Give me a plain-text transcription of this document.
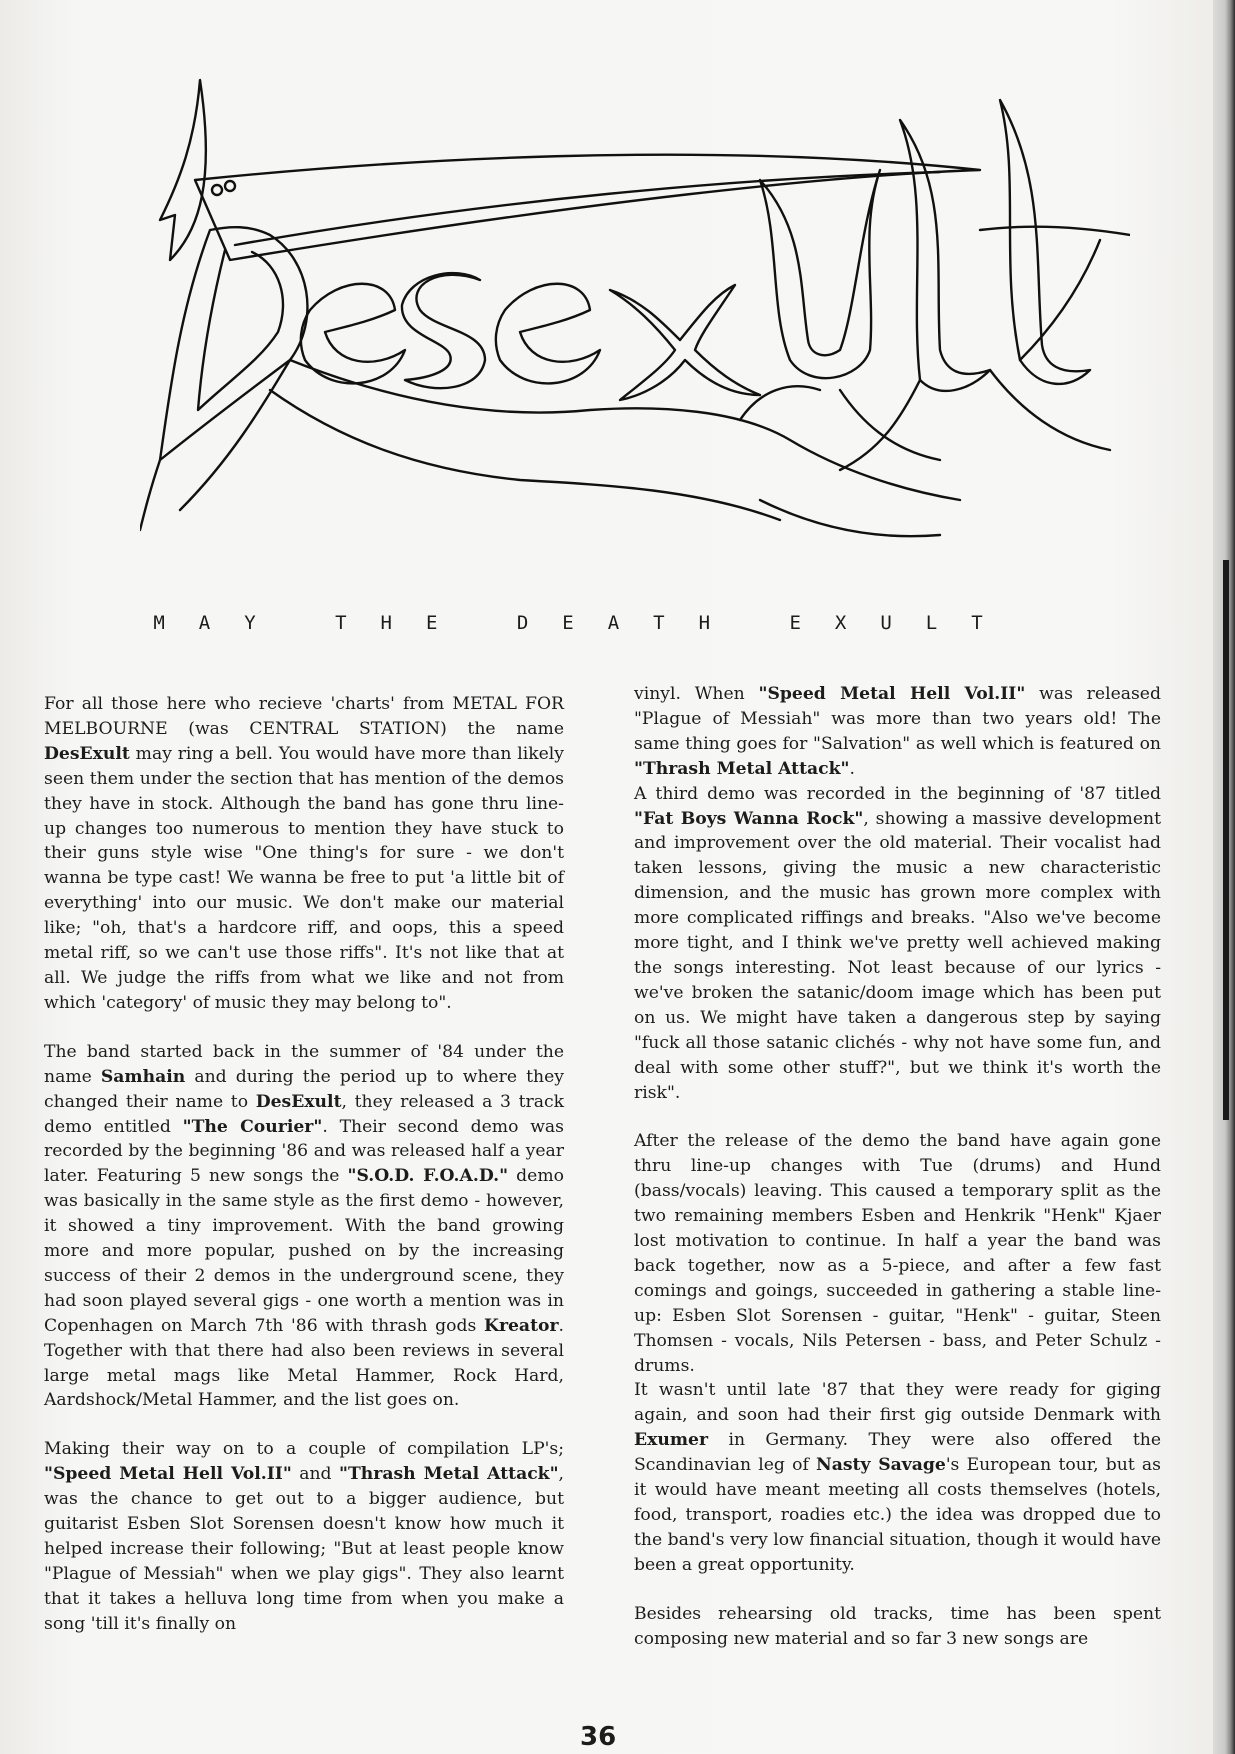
MAY THE DEATH EXULT

For all those here who recieve 'charts' from METAL FOR MELBOURNE (was CENTRAL STATION) the name DesExult may ring a bell. You would have more than likely seen them under the section that has mention of the demos they have in stock. Although the band has gone thru line-up changes too numerous to mention they have stuck to their guns style wise "One thing's for sure - we don't wanna be type cast! We wanna be free to put 'a little bit of everything' into our music. We don't make our material like; "oh, that's a hardcore riff, and oops, this a speed metal riff, so we can't use those riffs". It's not like that at all. We judge the riffs from what we like and not from which 'category' of music they may belong to".

The band started back in the summer of '84 under the name Samhain and during the period up to where they changed their name to DesExult, they released a 3 track demo entitled "The Courier". Their second demo was recorded by the beginning '86 and was released half a year later. Featuring 5 new songs the "S.O.D. F.O.A.D." demo was basically in the same style as the first demo - however, it showed a tiny improvement. With the band growing more and more popular, pushed on by the increasing success of their 2 demos in the underground scene, they had soon played several gigs - one worth a mention was in Copenhagen on March 7th '86 with thrash gods Kreator. Together with that there had also been reviews in several large metal mags like Metal Hammer, Rock Hard, Aardshock/Metal Hammer, and the list goes on.

Making their way on to a couple of compilation LP's; "Speed Metal Hell Vol.II" and "Thrash Metal Attack", was the chance to get out to a bigger audience, but guitarist Esben Slot Sorensen doesn't know how much it helped increase their following; "But at least people know "Plague of Messiah" when we play gigs". They also learnt that it takes a helluva long time from when you make a song 'till it's finally on

vinyl. When "Speed Metal Hell Vol.II" was released "Plague of Messiah" was more than two years old! The same thing goes for "Salvation" as well which is featured on "Thrash Metal Attack".

A third demo was recorded in the beginning of '87 titled "Fat Boys Wanna Rock", showing a massive development and improvement over the old material. Their vocalist had taken lessons, giving the music a new characteristic dimension, and the music has grown more complex with more complicated riffings and breaks. "Also we've become more tight, and I think we've pretty well achieved making the songs interesting. Not least because of our lyrics - we've broken the satanic/doom image which has been put on us. We might have taken a dangerous step by saying "fuck all those satanic clichés - why not have some fun, and deal with some other stuff?", but we think it's worth the risk".

After the release of the demo the band have again gone thru line-up changes with Tue (drums) and Hund (bass/vocals) leaving. This caused a temporary split as the two remaining members Esben and Henkrik "Henk" Kjaer lost motivation to continue. In half a year the band was back together, now as a 5-piece, and after a few fast comings and goings, succeeded in gathering a stable line-up: Esben Slot Sorensen - guitar, "Henk" - guitar, Steen Thomsen - vocals, Nils Petersen - bass, and Peter Schulz - drums.

It wasn't until late '87 that they were ready for giging again, and soon had their first gig outside Denmark with Exumer in Germany. They were also offered the Scandinavian leg of Nasty Savage's European tour, but as it would have meant meeting all costs themselves (hotels, food, transport, roadies etc.) the idea was dropped due to the band's very low financial situation, though it would have been a great opportunity.

Besides rehearsing old tracks, time has been spent composing new material and so far 3 new songs are

36
